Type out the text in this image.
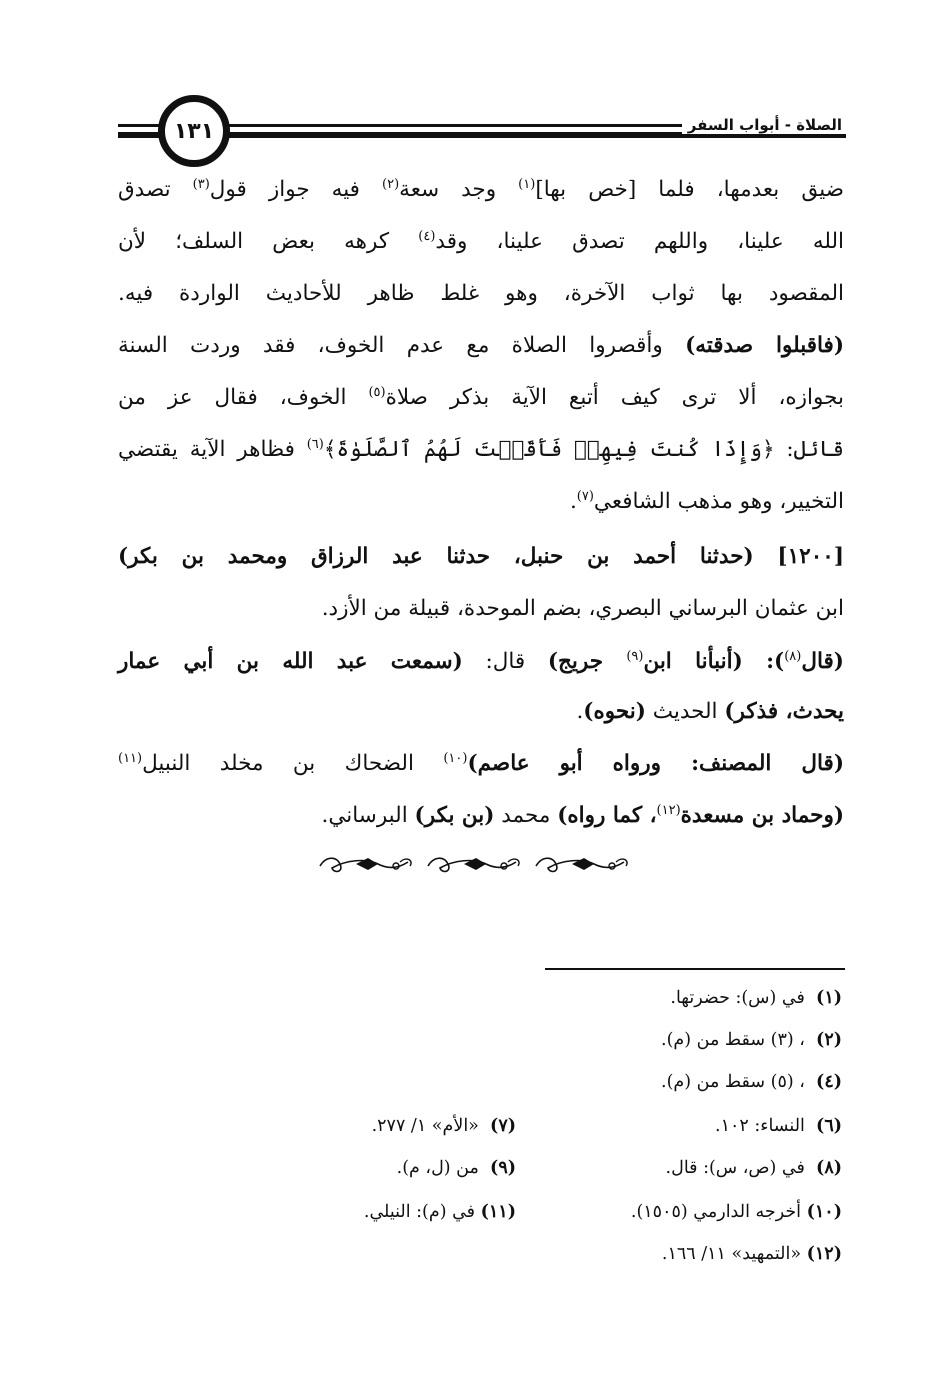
١٣١	الصلاة - أبواب السفر
ضيق بعدمها، فلما [خص بها]$^{(١)}$ وجد سعة$^{(٢)}$ فيه جواز قول$^{(٣)}$ تصدق
الله علينا، واللهم تصدق علينا، وقد$^{(٤)}$ كرهه بعض السلف؛ لأن
المقصود بها ثواب الآخرة، وهو غلط ظاهر للأحاديث الواردة فيه.
(فاقبلوا صدقته) وأقصروا الصلاة مع عدم الخوف، فقد وردت السنة
بجوازه، ألا ترى كيف أتبع الآية بذكر صلاة$^{(٥)}$ الخوف، فقال عز من
قائل: ﴿وَإِذَا كُنتَ فِيهِمۡ فَأَقَمۡتَ لَهُمُ ٱلصَّلَوٰةَ﴾$^{(٦)}$ فظاهر الآية يقتضي
التخيير، وهو مذهب الشافعي$^{(٧)}$.
[١٢٠٠] (حدثنا أحمد بن حنبل، حدثنا عبد الرزاق ومحمد بن بكر)
ابن عثمان البرساني البصري، بضم الموحدة، قبيلة من الأزد.
(قال$^{(٨)}$): (أنبأنا ابن$^{(٩)}$ جريج) قال: (سمعت عبد الله بن أبي عمار
يحدث، فذكر) الحديث (نحوه).
(قال المصنف: ورواه أبو عاصم)$^{(١٠)}$ الضحاك بن مخلد النبيل$^{(١١)}$
(وحماد بن مسعدة$^{(١٢)}$، كما رواه) محمد (بن بكر) البرساني.
(١)  في (س): حضرتها.
(٢)  ، (٣) سقط من (م).
(٤)  ، (٥) سقط من (م).
(٦)  النساء: ١٠٢.
(٧)  «الأم» ١/ ٢٧٧.
(٨)  في (ص، س): قال.
(٩)  من (ل، م).
(١٠) أخرجه الدارمي (١٥٠٥).
(١١) في (م): النيلي.
(١٢) «التمهيد» ١١/ ١٦٦.
